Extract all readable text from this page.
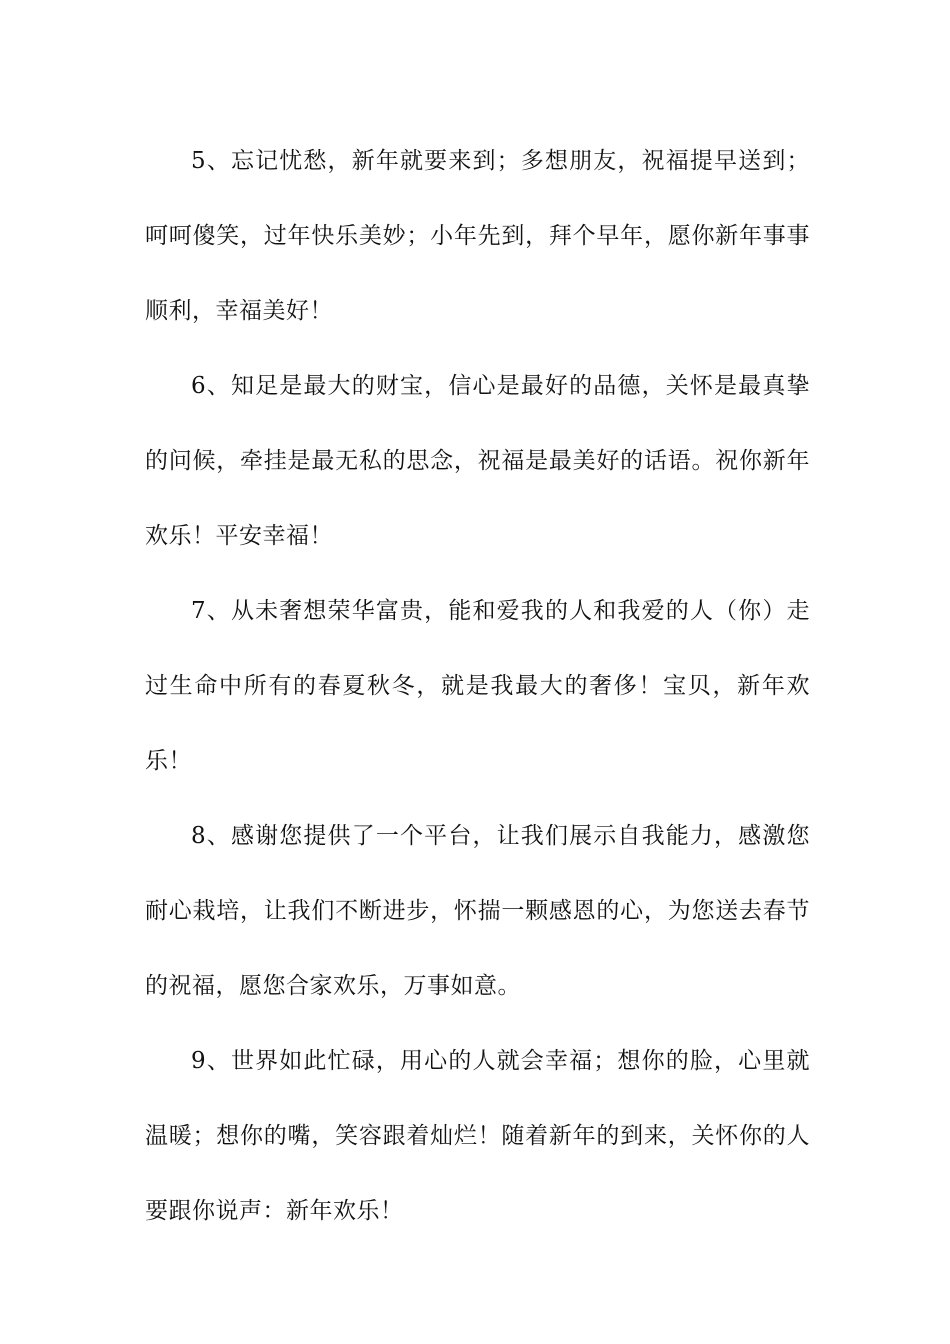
5、忘记忧愁，新年就要来到；多想朋友，祝福提早送到；呵呵傻笑，过年快乐美妙；小年先到，拜个早年，愿你新年事事顺利，幸福美好！

6、知足是最大的财宝，信心是最好的品德，关怀是最真挚的问候，牵挂是最无私的思念，祝福是最美好的话语。祝你新年欢乐！平安幸福！

7、从未奢想荣华富贵，能和爱我的人和我爱的人（你）走过生命中所有的春夏秋冬，就是我最大的奢侈！宝贝，新年欢乐！

8、感谢您提供了一个平台，让我们展示自我能力，感激您耐心栽培，让我们不断进步，怀揣一颗感恩的心，为您送去春节的祝福，愿您合家欢乐，万事如意。

9、世界如此忙碌，用心的人就会幸福；想你的脸，心里就温暖；想你的嘴，笑容跟着灿烂！随着新年的到来，关怀你的人要跟你说声：新年欢乐！
